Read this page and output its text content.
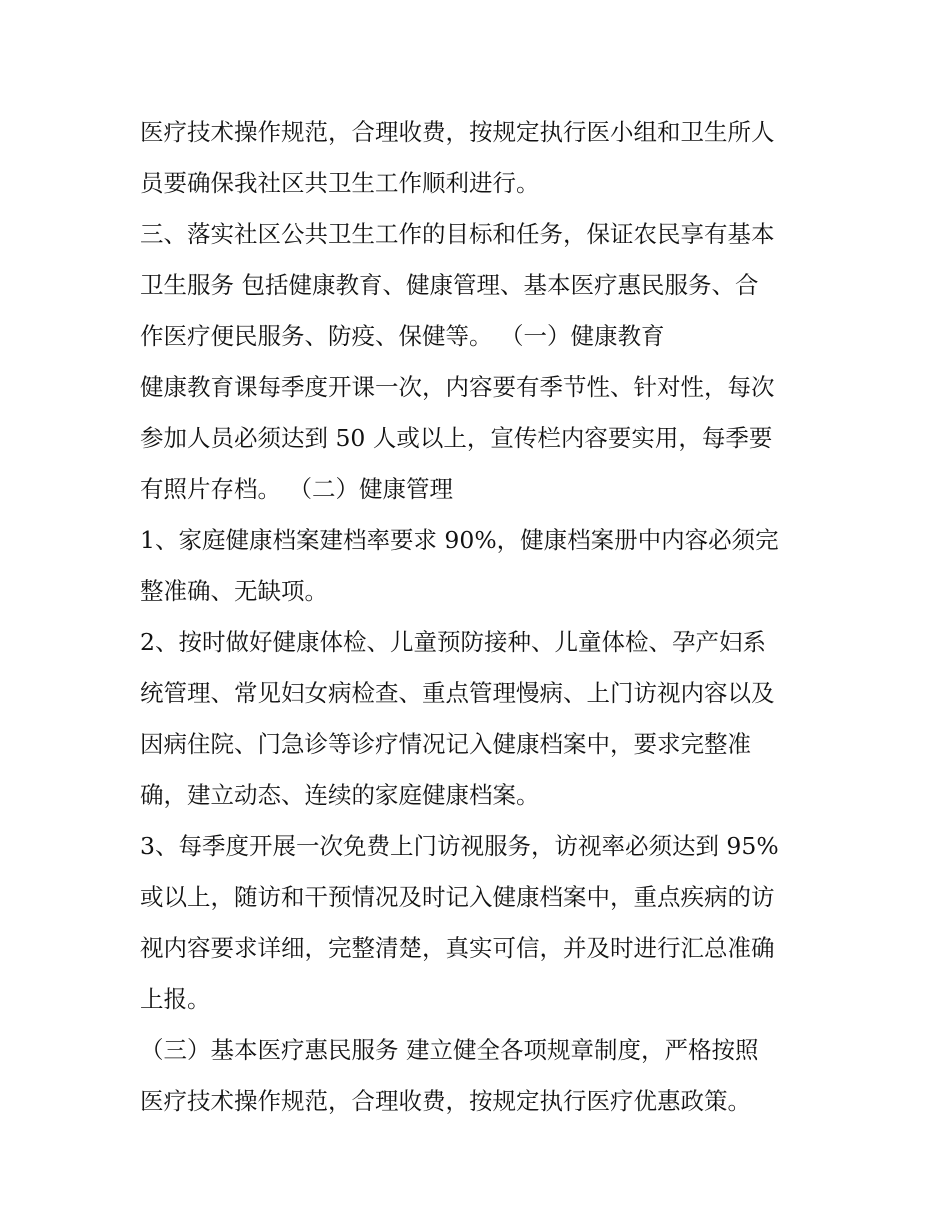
医疗技术操作规范，合理收费，按规定执行医小组和卫生所人
员要确保我社区共卫生工作顺利进行。
三、落实社区公共卫生工作的目标和任务，保证农民享有基本
卫生服务 包括健康教育、健康管理、基本医疗惠民服务、合
作医疗便民服务、防疫、保健等。 （一）健康教育
健康教育课每季度开课一次，内容要有季节性、针对性，每次
参加人员必须达到 50 人或以上，宣传栏内容要实用，每季要
有照片存档。 （二）健康管理
1、家庭健康档案建档率要求 90%，健康档案册中内容必须完
整准确、无缺项。
2、按时做好健康体检、儿童预防接种、儿童体检、孕产妇系
统管理、常见妇女病检查、重点管理慢病、上门访视内容以及
因病住院、门急诊等诊疗情况记入健康档案中，要求完整准
确，建立动态、连续的家庭健康档案。
3、每季度开展一次免费上门访视服务，访视率必须达到 95%
或以上，随访和干预情况及时记入健康档案中，重点疾病的访
视内容要求详细，完整清楚，真实可信，并及时进行汇总准确
上报。
（三）基本医疗惠民服务 建立健全各项规章制度，严格按照
医疗技术操作规范，合理收费，按规定执行医疗优惠政策。
